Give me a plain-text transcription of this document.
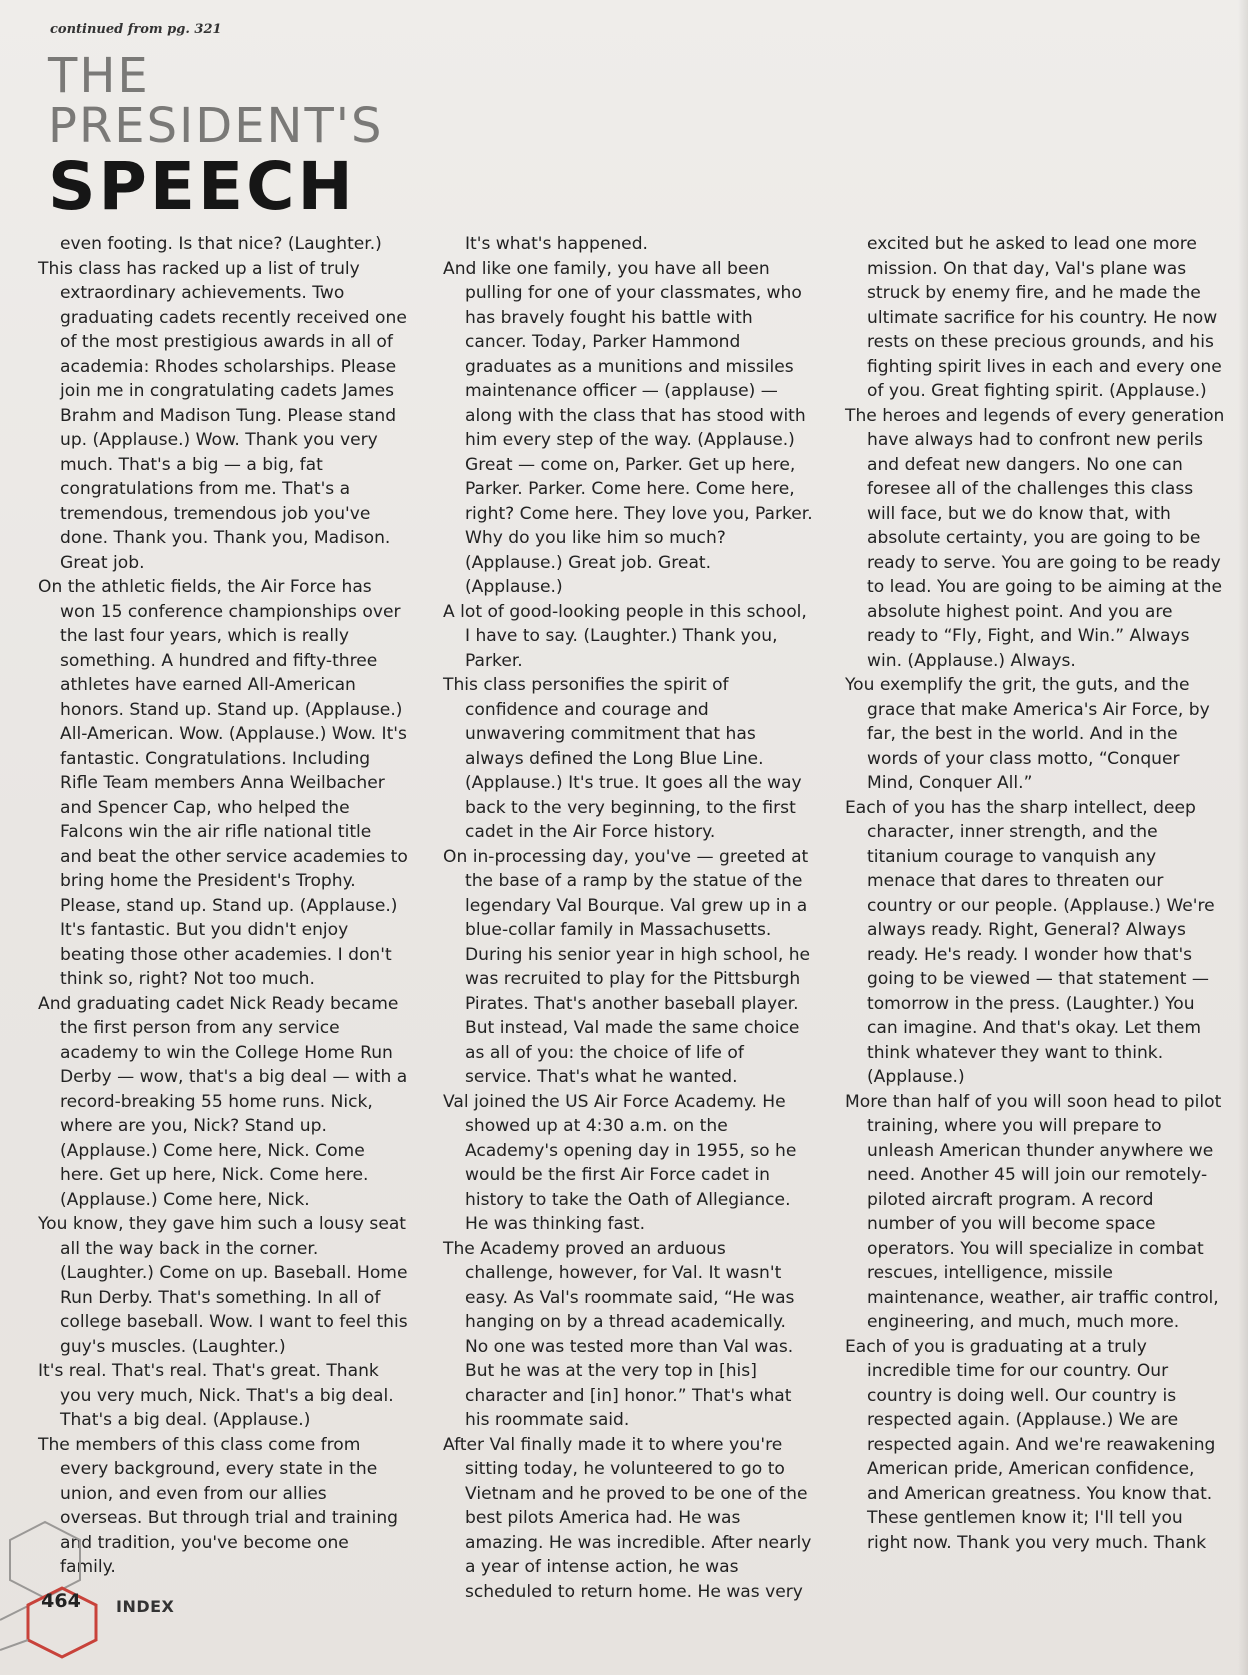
continued from pg. 321
THE
PRESIDENT'S
SPEECH

even footing. Is that nice? (Laughter.)

This class has racked up a list of truly extraordinary achievements. Two graduating cadets recently received one of the most prestigious awards in all of academia: Rhodes scholarships. Please join me in congratulating cadets James Brahm and Madison Tung. Please stand up. (Applause.) Wow. Thank you very much. That's a big — a big, fat congratulations from me. That's a tremendous, tremendous job you've done. Thank you. Thank you, Madison. Great job.

On the athletic fields, the Air Force has won 15 conference championships over the last four years, which is really something. A hundred and fifty-three athletes have earned All-American honors. Stand up. Stand up. (Applause.) All-American. Wow. (Applause.) Wow. It's fantastic. Congratulations. Including Rifle Team members Anna Weilbacher and Spencer Cap, who helped the Falcons win the air rifle national title and beat the other service academies to bring home the President's Trophy. Please, stand up. Stand up. (Applause.) It's fantastic. But you didn't enjoy beating those other academies. I don't think so, right? Not too much.

And graduating cadet Nick Ready became the first person from any service academy to win the College Home Run Derby — wow, that's a big deal — with a record-breaking 55 home runs. Nick, where are you, Nick? Stand up. (Applause.) Come here, Nick. Come here. Get up here, Nick. Come here. (Applause.) Come here, Nick.

You know, they gave him such a lousy seat all the way back in the corner. (Laughter.) Come on up. Baseball. Home Run Derby. That's something. In all of college baseball. Wow. I want to feel this guy's muscles. (Laughter.)

It's real. That's real. That's great. Thank you very much, Nick. That's a big deal. That's a big deal. (Applause.)

The members of this class come from every background, every state in the union, and even from our allies overseas. But through trial and training and tradition, you've become one family.

It's what's happened.

And like one family, you have all been pulling for one of your classmates, who has bravely fought his battle with cancer. Today, Parker Hammond graduates as a munitions and missiles maintenance officer — (applause) — along with the class that has stood with him every step of the way. (Applause.) Great — come on, Parker. Get up here, Parker. Parker. Come here. Come here, right? Come here. They love you, Parker. Why do you like him so much? (Applause.) Great job. Great. (Applause.)

A lot of good-looking people in this school, I have to say. (Laughter.) Thank you, Parker.

This class personifies the spirit of confidence and courage and unwavering commitment that has always defined the Long Blue Line. (Applause.) It's true. It goes all the way back to the very beginning, to the first cadet in the Air Force history.

On in-processing day, you've — greeted at the base of a ramp by the statue of the legendary Val Bourque. Val grew up in a blue-collar family in Massachusetts. During his senior year in high school, he was recruited to play for the Pittsburgh Pirates. That's another baseball player. But instead, Val made the same choice as all of you: the choice of life of service. That's what he wanted.

Val joined the US Air Force Academy. He showed up at 4:30 a.m. on the Academy's opening day in 1955, so he would be the first Air Force cadet in history to take the Oath of Allegiance. He was thinking fast.

The Academy proved an arduous challenge, however, for Val. It wasn't easy. As Val's roommate said, “He was hanging on by a thread academically. No one was tested more than Val was. But he was at the very top in [his] character and [in] honor.” That's what his roommate said.

After Val finally made it to where you're sitting today, he volunteered to go to Vietnam and he proved to be one of the best pilots America had. He was amazing. He was incredible. After nearly a year of intense action, he was scheduled to return home. He was very

excited but he asked to lead one more mission. On that day, Val's plane was struck by enemy fire, and he made the ultimate sacrifice for his country. He now rests on these precious grounds, and his fighting spirit lives in each and every one of you. Great fighting spirit. (Applause.)

The heroes and legends of every generation have always had to confront new perils and defeat new dangers. No one can foresee all of the challenges this class will face, but we do know that, with absolute certainty, you are going to be ready to serve. You are going to be ready to lead. You are going to be aiming at the absolute highest point. And you are ready to “Fly, Fight, and Win.” Always win. (Applause.) Always.

You exemplify the grit, the guts, and the grace that make America's Air Force, by far, the best in the world. And in the words of your class motto, “Conquer Mind, Conquer All.”

Each of you has the sharp intellect, deep character, inner strength, and the titanium courage to vanquish any menace that dares to threaten our country or our people. (Applause.) We're always ready. Right, General? Always ready. He's ready. I wonder how that's going to be viewed — that statement — tomorrow in the press. (Laughter.) You can imagine. And that's okay. Let them think whatever they want to think. (Applause.)

More than half of you will soon head to pilot training, where you will prepare to unleash American thunder anywhere we need. Another 45 will join our remotely-piloted aircraft program. A record number of you will become space operators. You will specialize in combat rescues, intelligence, missile maintenance, weather, air traffic control, engineering, and much, much more.

Each of you is graduating at a truly incredible time for our country. Our country is doing well. Our country is respected again. (Applause.) We are respected again. And we're reawakening American pride, American confidence, and American greatness. You know that. These gentlemen know it; I'll tell you right now. Thank you very much. Thank

464	INDEX
